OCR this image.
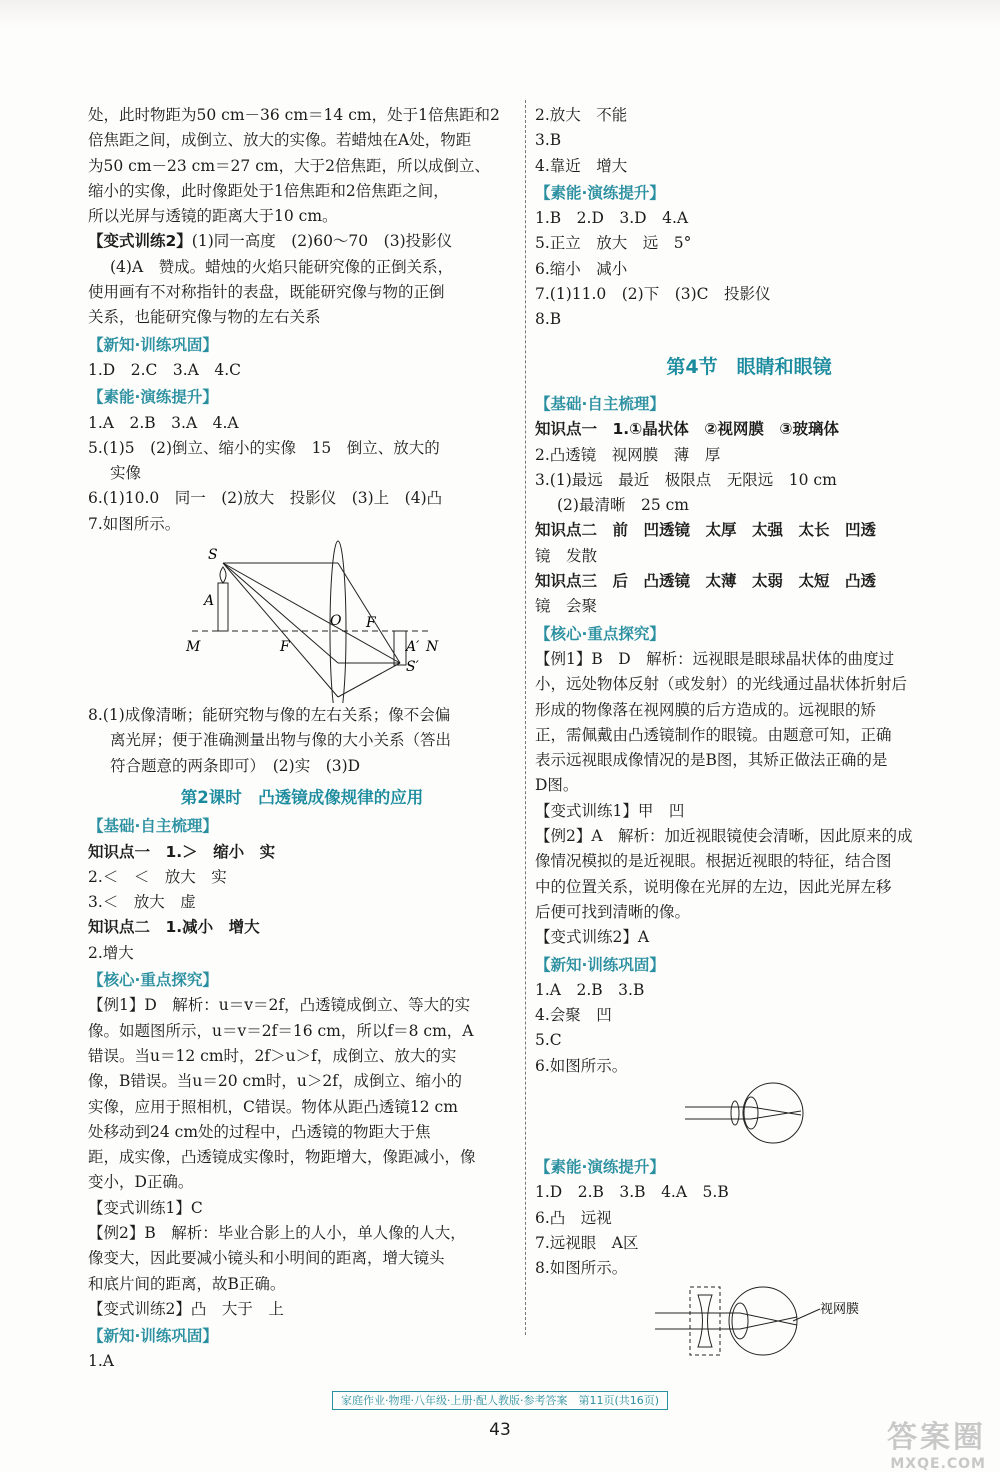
处，此时物距为50 cm－36 cm＝14 cm，处于1倍焦距和2
倍焦距之间，成倒立、放大的实像。若蜡烛在A处，物距
为50 cm－23 cm＝27 cm，大于2倍焦距，所以成倒立、
缩小的实像，此时像距处于1倍焦距和2倍焦距之间，
所以光屏与透镜的距离大于10 cm。
【变式训练2】(1)同一高度　(2)60～70　(3)投影仪
(4)A　赞成。蜡烛的火焰只能研究像的正倒关系，
使用画有不对称指针的表盘，既能研究像与物的正倒
关系，也能研究像与物的左右关系
【新知·训练巩固】
1.D　2.C　3.A　4.C
【素能·演练提升】
1.A　2.B　3.A　4.A
5.(1)5　(2)倒立、缩小的实像　15　倒立、放大的
实像
6.(1)10.0　同一　(2)放大　投影仪　(3)上　(4)凸
7.如图所示。
S
A
O
F
F
M	N
A′
S′
8.(1)成像清晰；能研究物与像的左右关系；像不会偏
离光屏；便于准确测量出物与像的大小关系（答出
符合题意的两条即可）　(2)实　(3)D
第2课时　凸透镜成像规律的应用
【基础·自主梳理】
知识点一　1.＞　缩小　实
2.＜　＜　放大　实
3.＜　放大　虚
知识点二　1.减小　增大
2.增大
【核心·重点探究】
【例1】D　解析：u＝v＝2f，凸透镜成倒立、等大的实
像。如题图所示，u＝v＝2f＝16 cm，所以f＝8 cm，A
错误。当u＝12 cm时，2f＞u＞f，成倒立、放大的实
像，B错误。当u＝20 cm时，u＞2f，成倒立、缩小的
实像，应用于照相机，C错误。物体从距凸透镜12 cm
处移动到24 cm处的过程中，凸透镜的物距大于焦
距，成实像，凸透镜成实像时，物距增大，像距减小，像
变小，D正确。
【变式训练1】C
【例2】B　解析：毕业合影上的人小，单人像的人大，
像变大，因此要减小镜头和小明间的距离，增大镜头
和底片间的距离，故B正确。
【变式训练2】凸　大于　上
【新知·训练巩固】
1.A
2.放大　不能
3.B
4.靠近　增大
【素能·演练提升】
1.B　2.D　3.D　4.A
5.正立　放大　远　5°
6.缩小　减小
7.(1)11.0　(2)下　(3)C　投影仪
8.B
第4节　眼睛和眼镜
【基础·自主梳理】
知识点一　1.①晶状体　②视网膜　③玻璃体
2.凸透镜　视网膜　薄　厚
3.(1)最远　最近　极限点　无限远　10 cm
(2)最清晰　25 cm
知识点二　前　凹透镜　太厚　太强　太长　凹透
镜　发散
知识点三　后　凸透镜　太薄　太弱　太短　凸透
镜　会聚
【核心·重点探究】
【例1】B　D　解析：远视眼是眼球晶状体的曲度过
小，远处物体反射（或发射）的光线通过晶状体折射后
形成的物像落在视网膜的后方造成的。远视眼的矫
正，需佩戴由凸透镜制作的眼镜。由题意可知，正确
表示远视眼成像情况的是B图，其矫正做法正确的是
D图。
【变式训练1】甲　凹
【例2】A　解析：加近视眼镜使会清晰，因此原来的成
像情况模拟的是近视眼。根据近视眼的特征，结合图
中的位置关系，说明像在光屏的左边，因此光屏左移
后便可找到清晰的像。
【变式训练2】A
【新知·训练巩固】
1.A　2.B　3.B
4.会聚　凹
5.C
6.如图所示。
【素能·演练提升】
1.D　2.B　3.B　4.A　5.B
6.凸　远视
7.远视眼　A区
8.如图所示。
视网膜
家庭作业·物理·八年级·上册·配人教版·参考答案　第11页(共16页)
43	答案圈
MXQE.COM
